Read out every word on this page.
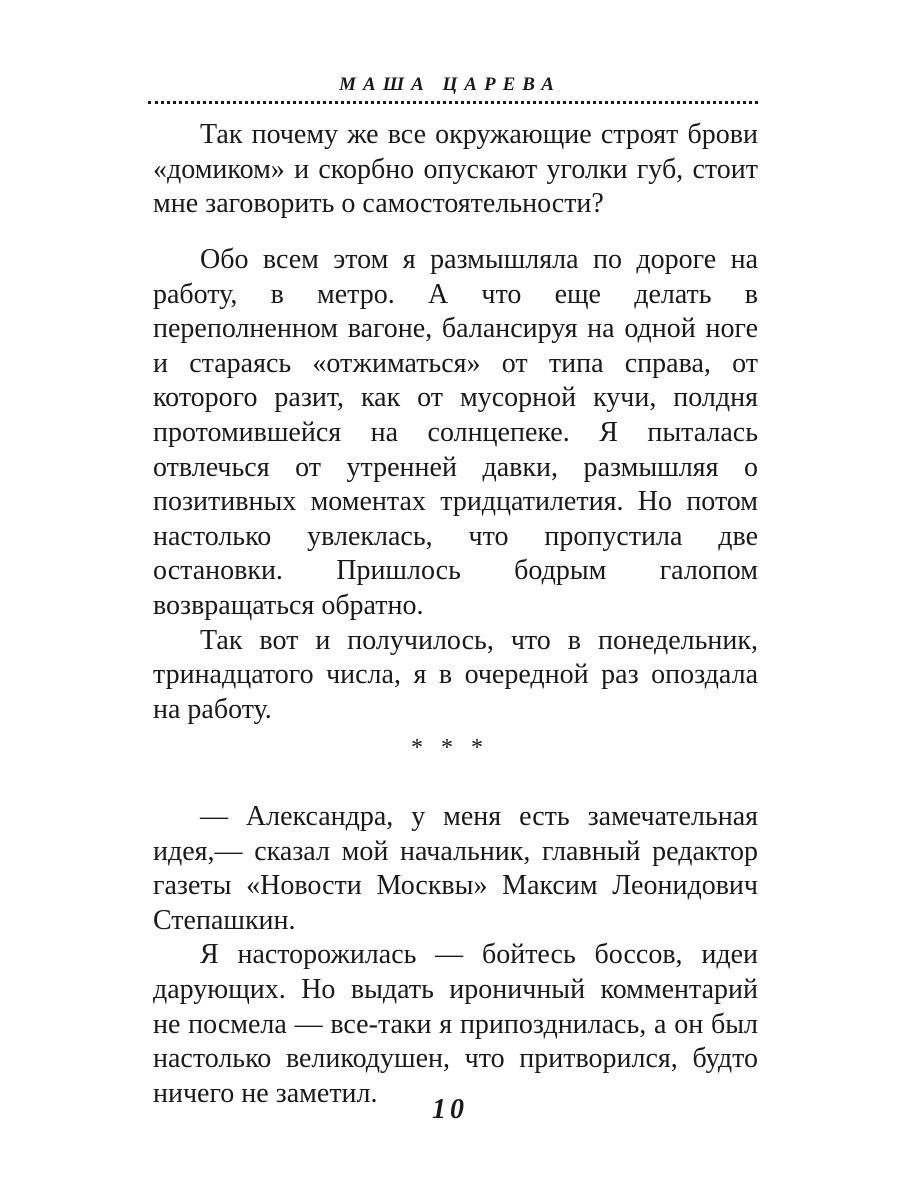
МАША ЦАРЕВА

Так почему же все окружающие строят брови «домиком» и скорбно опускают уголки губ, стоит мне заговорить о самостоятельности?

Обо всем этом я размышляла по дороге на работу, в метро. А что еще делать в переполненном вагоне, балансируя на одной ноге и стараясь «отжиматься» от типа справа, от которого разит, как от мусорной кучи, полдня протомившейся на солнцепеке. Я пыталась отвлечься от утренней давки, размышляя о позитивных моментах тридцатилетия. Но потом настолько увлеклась, что пропустила две остановки. Пришлось бодрым галопом возвращаться обратно.

Так вот и получилось, что в понедельник, тринадцатого числа, я в очередной раз опоздала на работу.

* * *

— Александра, у меня есть замечательная идея,— сказал мой начальник, главный редактор газеты «Новости Москвы» Максим Леонидович Степашкин.

Я насторожилась — бойтесь боссов, идеи дарующих. Но выдать ироничный комментарий не посмела — все-таки я припозднилась, а он был настолько великодушен, что притворился, будто ничего не заметил.

10
